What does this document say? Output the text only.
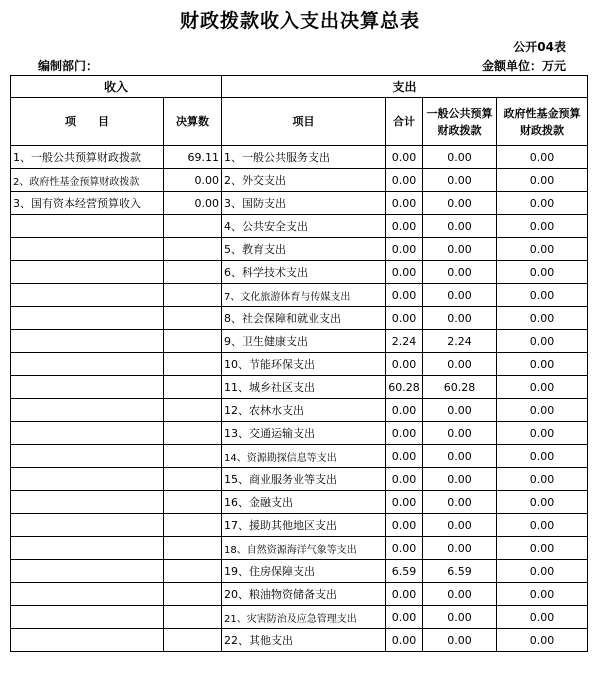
财政拨款收入支出决算总表
公开04表
编制部门：	金额单位：万元
收入		支出			
项　　目	决算数	项目	合计	一般公共预算财政拨款	政府性基金预算财政拨款
1、一般公共预算财政拨款	69.11	1、一般公共服务支出	0.00	0.00	0.00
2、政府性基金预算财政拨款	0.00	2、外交支出	0.00	0.00	0.00
3、国有资本经营预算收入	0.00	3、国防支出	0.00	0.00	0.00
		4、公共安全支出	0.00	0.00	0.00
		5、教育支出	0.00	0.00	0.00
		6、科学技术支出	0.00	0.00	0.00
		7、文化旅游体育与传媒支出	0.00	0.00	0.00
		8、社会保障和就业支出	0.00	0.00	0.00
		9、卫生健康支出	2.24	2.24	0.00
		10、节能环保支出	0.00	0.00	0.00
		11、城乡社区支出	60.28	60.28	0.00
		12、农林水支出	0.00	0.00	0.00
		13、交通运输支出	0.00	0.00	0.00
		14、资源勘探信息等支出	0.00	0.00	0.00
		15、商业服务业等支出	0.00	0.00	0.00
		16、金融支出	0.00	0.00	0.00
		17、援助其他地区支出	0.00	0.00	0.00
		18、自然资源海洋气象等支出	0.00	0.00	0.00
		19、住房保障支出	6.59	6.59	0.00
		20、粮油物资储备支出	0.00	0.00	0.00
		21、灾害防治及应急管理支出	0.00	0.00	0.00
		22、其他支出	0.00	0.00	0.00
